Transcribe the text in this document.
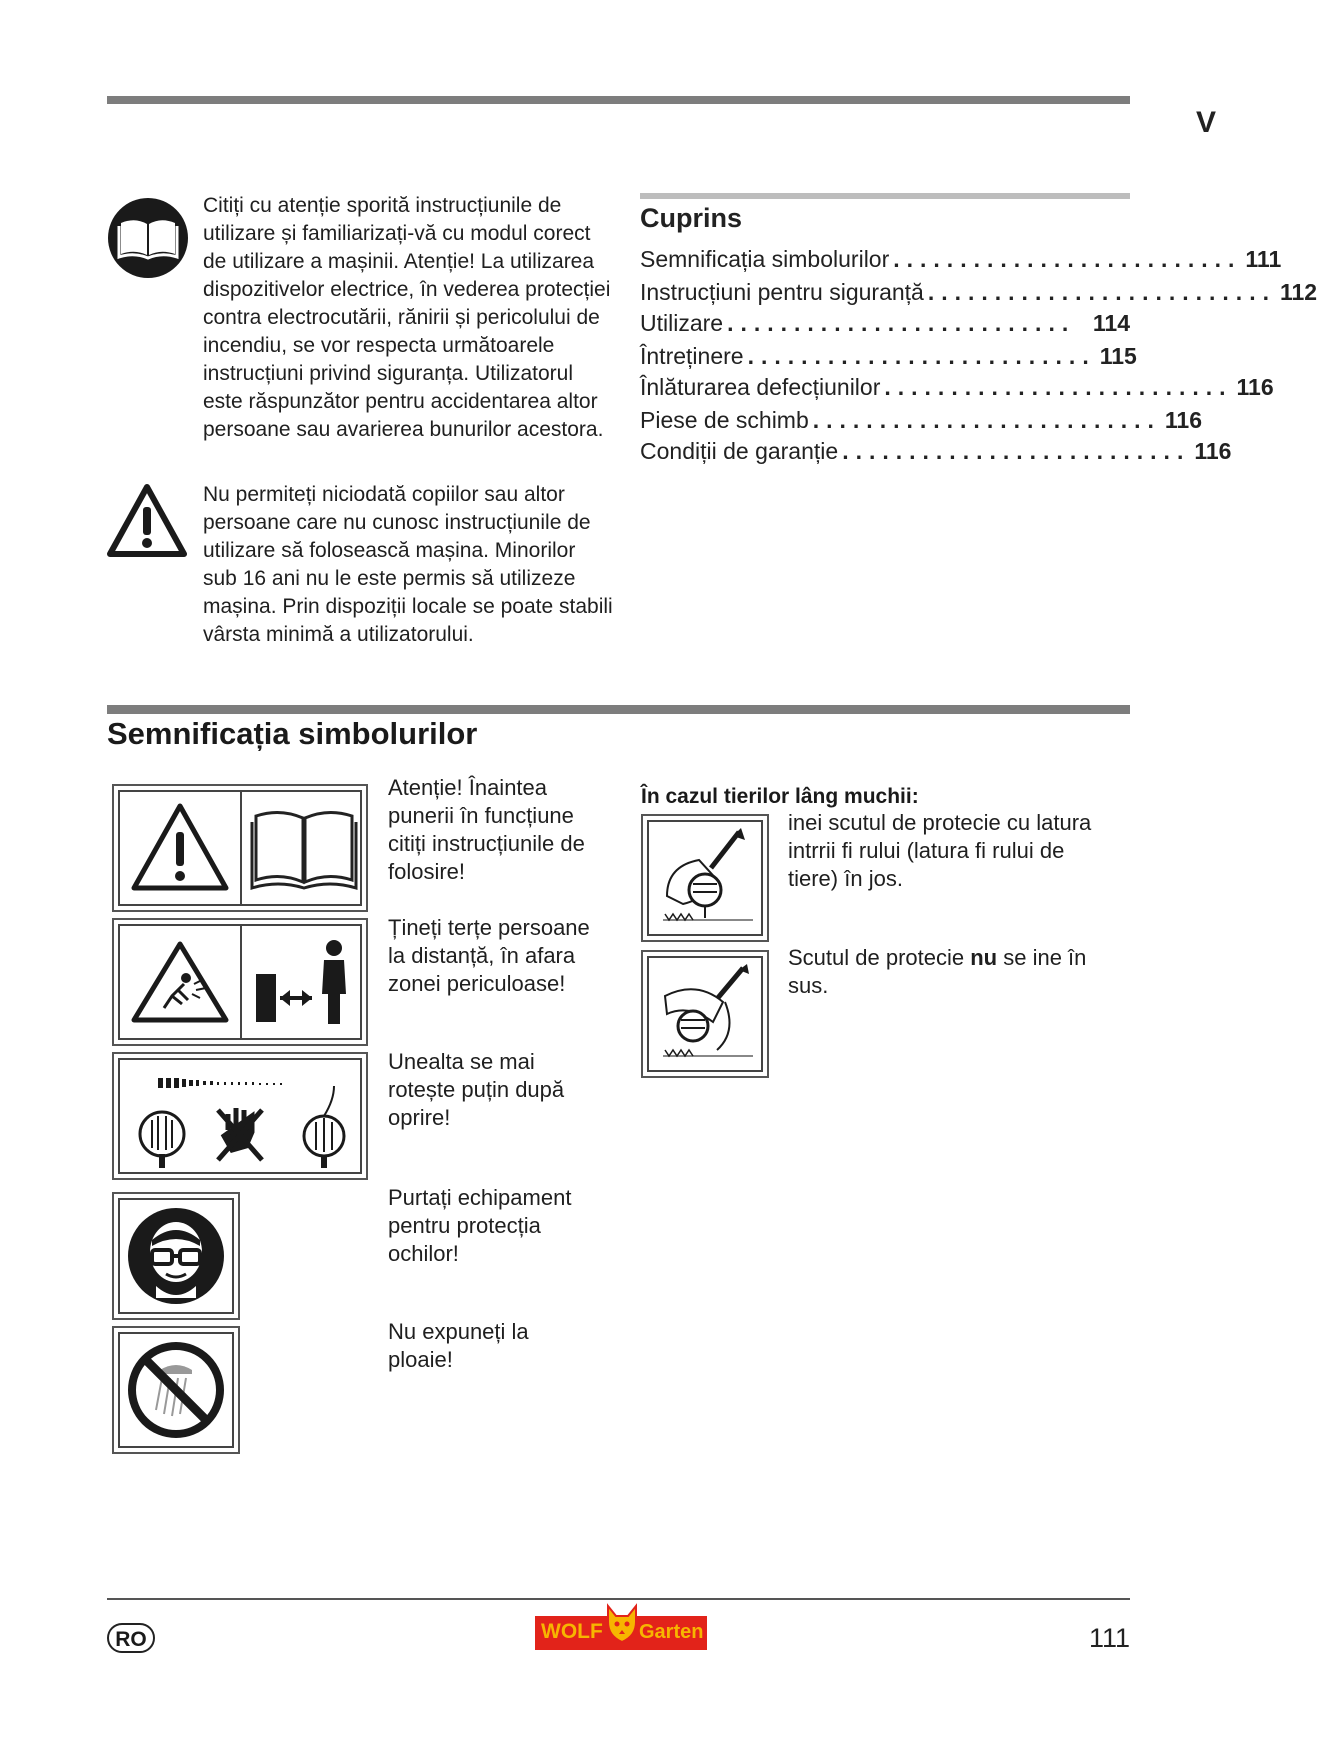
V

Citiți cu atenție sporită instrucțiunile de utilizare și familiarizați-vă cu modul corect de utilizare a mașinii. Atenție! La utilizarea dispozitivelor electrice, în vederea protecției contra electrocutării, rănirii și pericolului de incendiu, se vor respecta următoarele instrucțiuni privind siguranța. Utilizatorul este răspunzător pentru accidentarea altor persoane sau avarierea bunurilor acestora.

Nu permiteți niciodată copiilor sau altor persoane care nu cunosc instrucțiunile de utilizare să folosească mașina. Minorilor sub 16 ani nu le este permis să utilizeze mașina. Prin dispoziții locale se poate stabili vârsta minimă a utilizatorului.

Cuprins
Semnificația simbolurilor .......................... 111
Instrucțiuni pentru siguranță .......................... 112
Utilizare .......................... 114
Întreținere .......................... 115
Înlăturarea defecțiunilor .......................... 116
Piese de schimb .......................... 116
Condiții de garanție .......................... 116
Semnificația simbolurilor

Atenție! Înaintea punerii în funcțiune citiți instrucțiunile de folosire!

Țineți terțe persoane la distanță, în afara zonei periculoase!

Unealta se mai rotește puțin după oprire!

Purtați echipament pentru protecția ochilor!

Nu expuneți la ploaie!

În cazul tierilor lâng muchii:

inei scutul de protecie cu latura intrrii fi rului (latura fi rului de tiere) în jos.

Scutul de protecie nu se ine în sus.

RO	WOLF Garten	111
